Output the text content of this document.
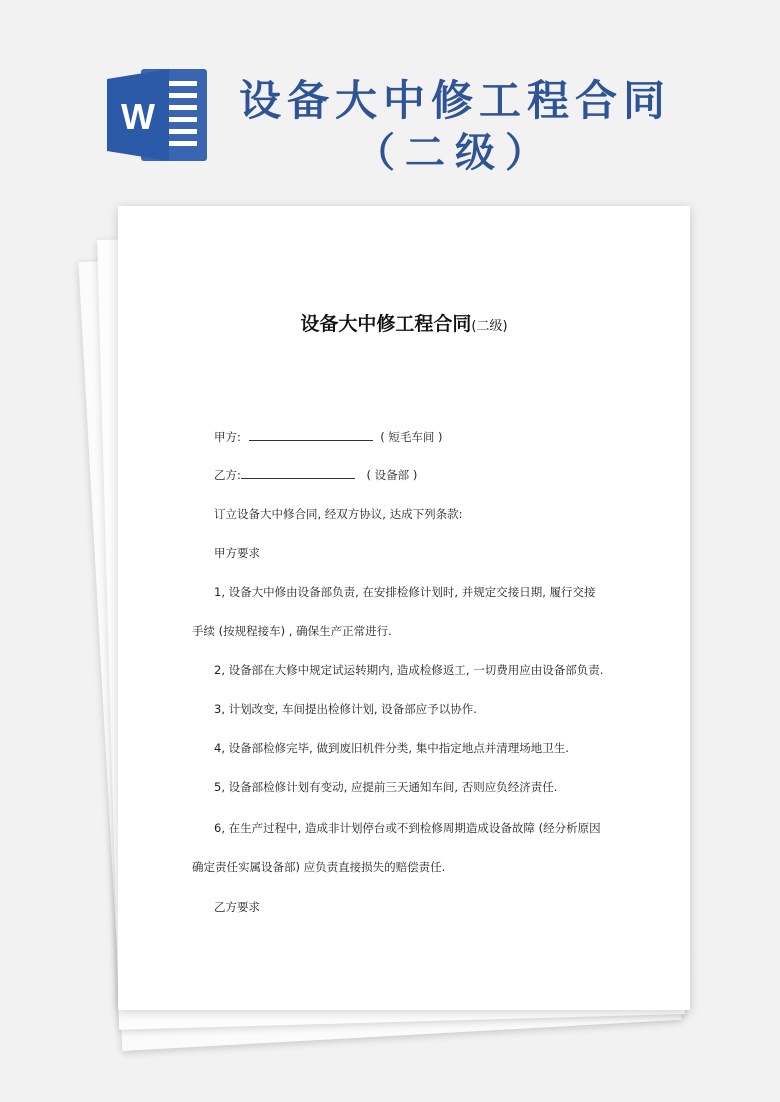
W	设备大中修工程合同
（二级）
设备大中修工程合同(二级)

甲方:	( 短毛车间 )

乙方:	( 设备部 )

订立设备大中修合同, 经双方协议, 达成下列条款:

甲方要求

1, 设备大中修由设备部负责, 在安排检修计划时, 并规定交接日期, 履行交接

手续 (按规程接车) , 确保生产正常进行.

2, 设备部在大修中规定试运转期内, 造成检修返工, 一切费用应由设备部负责.

3, 计划改变, 车间提出检修计划, 设备部应予以协作.

4, 设备部检修完毕, 做到废旧机件分类, 集中指定地点并清理场地卫生.

5, 设备部检修计划有变动, 应提前三天通知车间, 否则应负经济责任.

6, 在生产过程中, 造成非计划停台或不到检修周期造成设备故障 (经分析原因

确定责任实属设备部) 应负责直接损失的赔偿责任.

乙方要求
